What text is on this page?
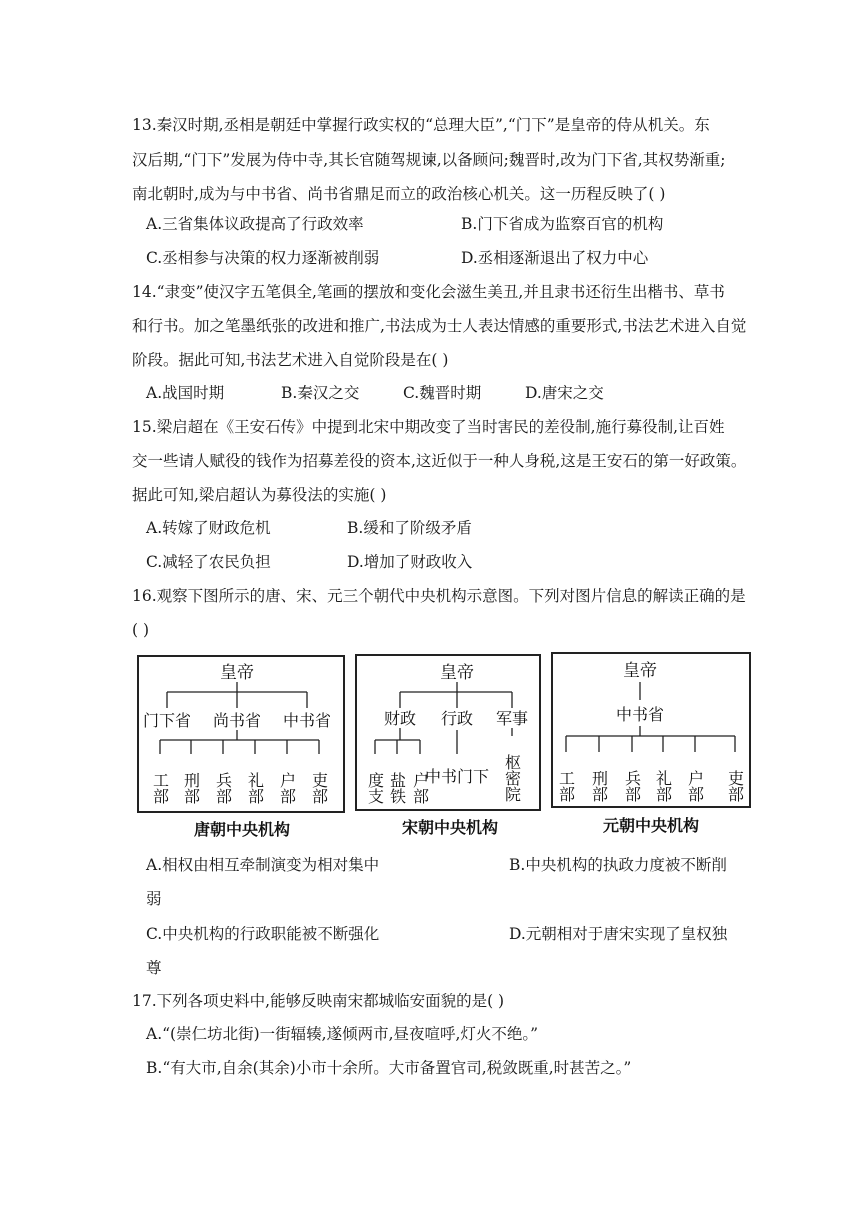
13.秦汉时期,丞相是朝廷中掌握行政实权的“总理大臣”,“门下”是皇帝的侍从机关。东
汉后期,“门下”发展为侍中寺,其长官随驾规谏,以备顾问;魏晋时,改为门下省,其权势渐重;
南北朝时,成为与中书省、尚书省鼎足而立的政治核心机关。这一历程反映了( )
A.三省集体议政提高了行政效率	B.门下省成为监察百官的机构
C.丞相参与决策的权力逐渐被削弱	D.丞相逐渐退出了权力中心
14.“隶变”使汉字五笔俱全,笔画的摆放和变化会滋生美丑,并且隶书还衍生出楷书、草书
和行书。加之笔墨纸张的改进和推广,书法成为士人表达情感的重要形式,书法艺术进入自觉
阶段。据此可知,书法艺术进入自觉阶段是在( )
A.战国时期	B.秦汉之交	C.魏晋时期	D.唐宋之交
15.梁启超在《王安石传》中提到北宋中期改变了当时害民的差役制,施行募役制,让百姓
交一些请人赋役的钱作为招募差役的资本,这近似于一种人身税,这是王安石的第一好政策。
据此可知,梁启超认为募役法的实施( )
A.转嫁了财政危机	B.缓和了阶级矛盾
C.减轻了农民负担	D.增加了财政收入
16.观察下图所示的唐、宋、元三个朝代中央机构示意图。下列对图片信息的解读正确的是
( )
皇帝
门下省 尚书省 中书省
工部 刑部 兵部 礼部 户部 吏部
唐朝中央机构
皇帝
财政 行政 军事
度支 盐铁 户部
中书门下 枢密院
宋朝中央机构
皇帝
中书省
工部 刑部 兵部 礼部 户部 吏部
元朝中央机构
A.相权由相互牵制演变为相对集中	B.中央机构的执政力度被不断削
弱
C.中央机构的行政职能被不断强化	D.元朝相对于唐宋实现了皇权独
尊
17.下列各项史料中,能够反映南宋都城临安面貌的是( )
A.“(崇仁坊北街)一街辐辏,遂倾两市,昼夜喧呼,灯火不绝。”
B.“有大市,自余(其余)小市十余所。大市备置官司,税敛既重,时甚苦之。”
